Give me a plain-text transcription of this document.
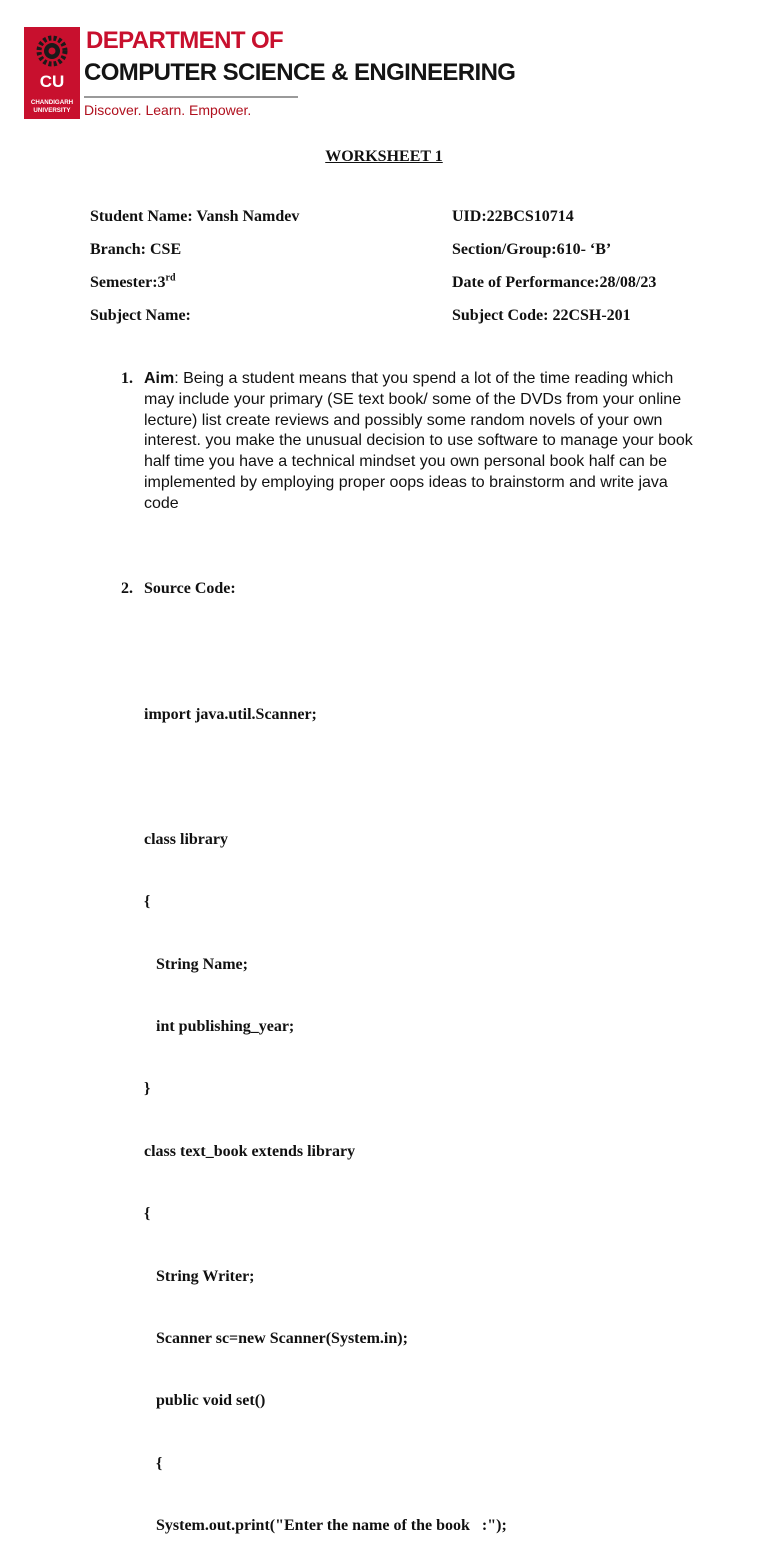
CU
CHANDIGARH
UNIVERSITY
DEPARTMENT OF
COMPUTER SCIENCE & ENGINEERING
Discover. Learn. Empower.
WORKSHEET 1
Student Name: Vansh Namdev	UID:22BCS10714
Branch: CSE	Section/Group:610- ‘B’
Semester:3rd	Date of Performance:28/08/23
Subject Name:	Subject Code: 22CSH-201
1. Aim: Being a student means that you spend a lot of the time reading which may include your primary (SE text book/ some of the DVDs from your online lecture) list create reviews and possibly some random novels of your own interest. you make the unusual decision to use software to manage your book half time you have a technical mindset you own personal book half can be implemented by employing proper oops ideas to brainstorm and write java code
2. Source Code:

import java.util.Scanner;

class library

{

String Name;

int publishing_year;

}

class text_book extends library

{

String Writer;

Scanner sc=new Scanner(System.in);

public void set()

{

System.out.print("Enter the name of the book   :");
